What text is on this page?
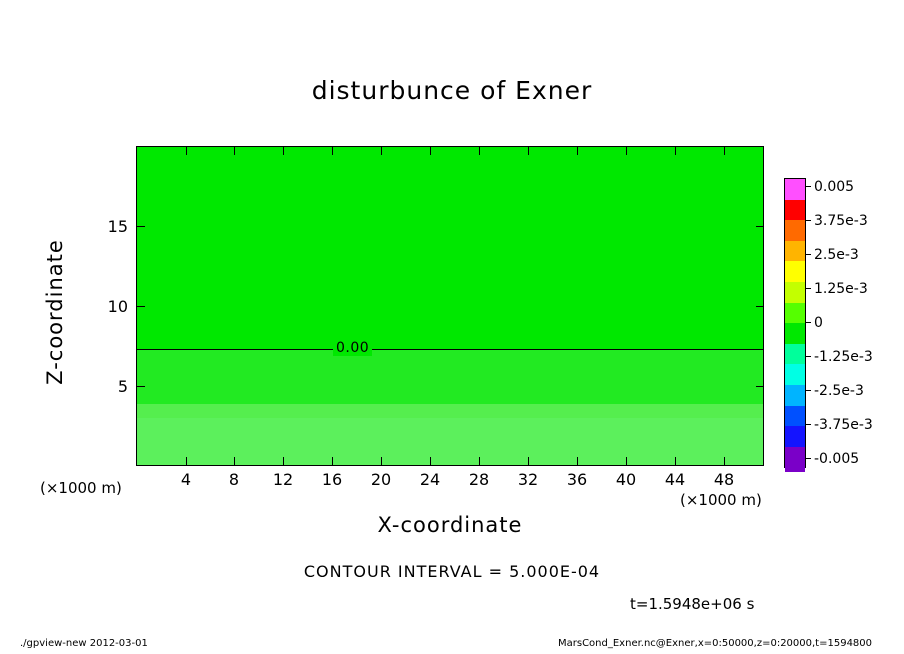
disturbunce of Exner
0.00
4	8	12	16	20	24	28	32	36	40	44	48
5
10
15
X-coordinate
Z-coordinate
(×1000 m)
(×1000 m)
0.005
3.75e-3
2.5e-3
1.25e-3
0
-1.25e-3
-2.5e-3
-3.75e-3
-0.005
CONTOUR INTERVAL = 5.000E-04
t=1.5948e+06 s
./gpview-new 2012-03-01	MarsCond_Exner.nc@Exner,x=0:50000,z=0:20000,t=1594800
